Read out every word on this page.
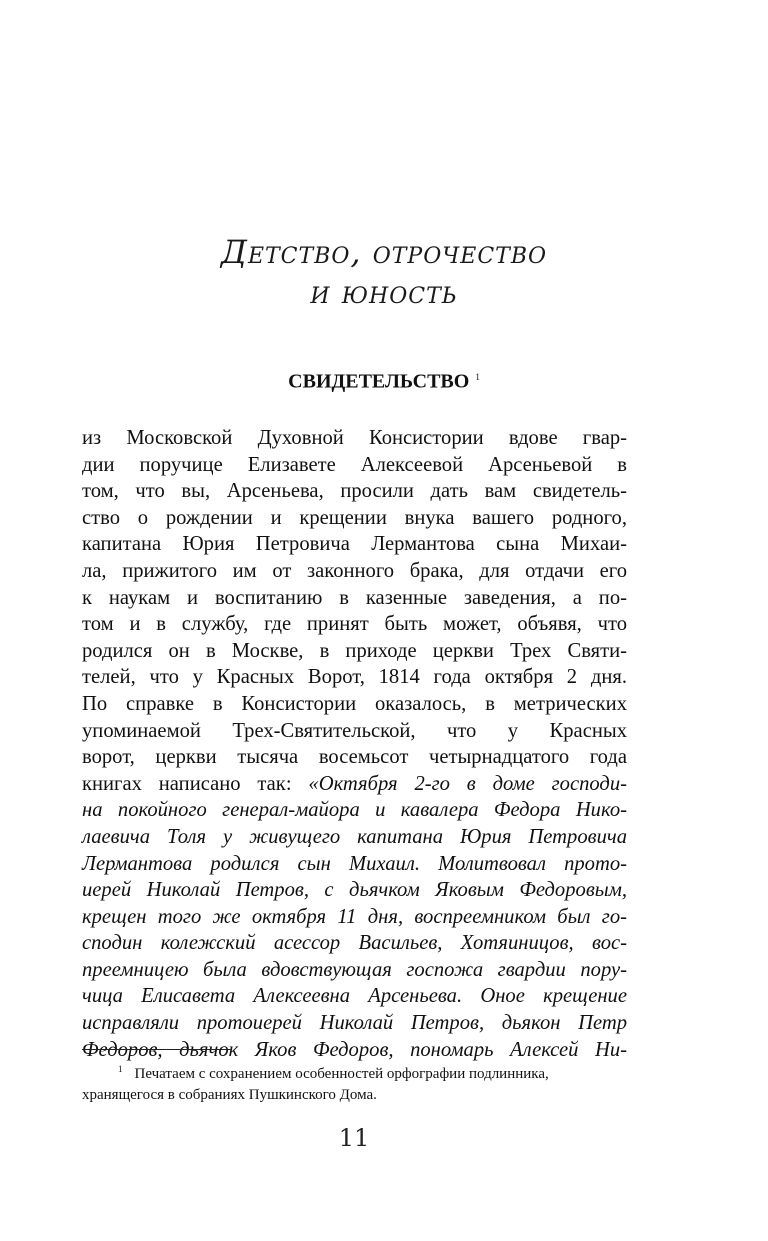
Детство, отрочество
и юность
СВИДЕТЕЛЬСТВО $^1$
из Московской Духовной Консистории вдове гвар-
дии поручице Елизавете Алексеевой Арсеньевой в
том, что вы, Арсеньева, просили дать вам свидетель-
ство о рождении и крещении внука вашего родного,
капитана Юрия Петровича Лермантова сына Михаи-
ла, прижитого им от законного брака, для отдачи его
к наукам и воспитанию в казенные заведения, а по-
том и в службу, где принят быть может, объявя, что
родился он в Москве, в приходе церкви Трех Святи-
телей, что у Красных Ворот, 1814 года октября 2 дня.
По справке в Консистории оказалось, в метрических
упоминаемой Трех-Святительской, что у Красных
ворот, церкви тысяча восемьсот четырнадцатого года
книгах написано так: «Октября 2-го в доме господи-
на покойного генерал-майора и кавалера Федора Нико-
лаевича Толя у живущего капитана Юрия Петровича
Лермантова родился сын Михаил. Молитвовал прото-
иерей Николай Петров, с дьячком Яковым Федоровым,
крещен того же октября 11 дня, воспреемником был го-
сподин колежский асессор Васильев, Хотяиницов, вос-
преемницею была вдовствующая госпожа гвардии пору-
чица Елисавета Алексеевна Арсеньева. Оное крещение
исправляли протоиерей Николай Петров, дьякон Петр
Федоров, дьячок Яков Федоров, пономарь Алексей Ни-
$^1$ Печатаем с сохранением особенностей орфографии подлинника,
хранящегося в собраниях Пушкинского Дома.
11
